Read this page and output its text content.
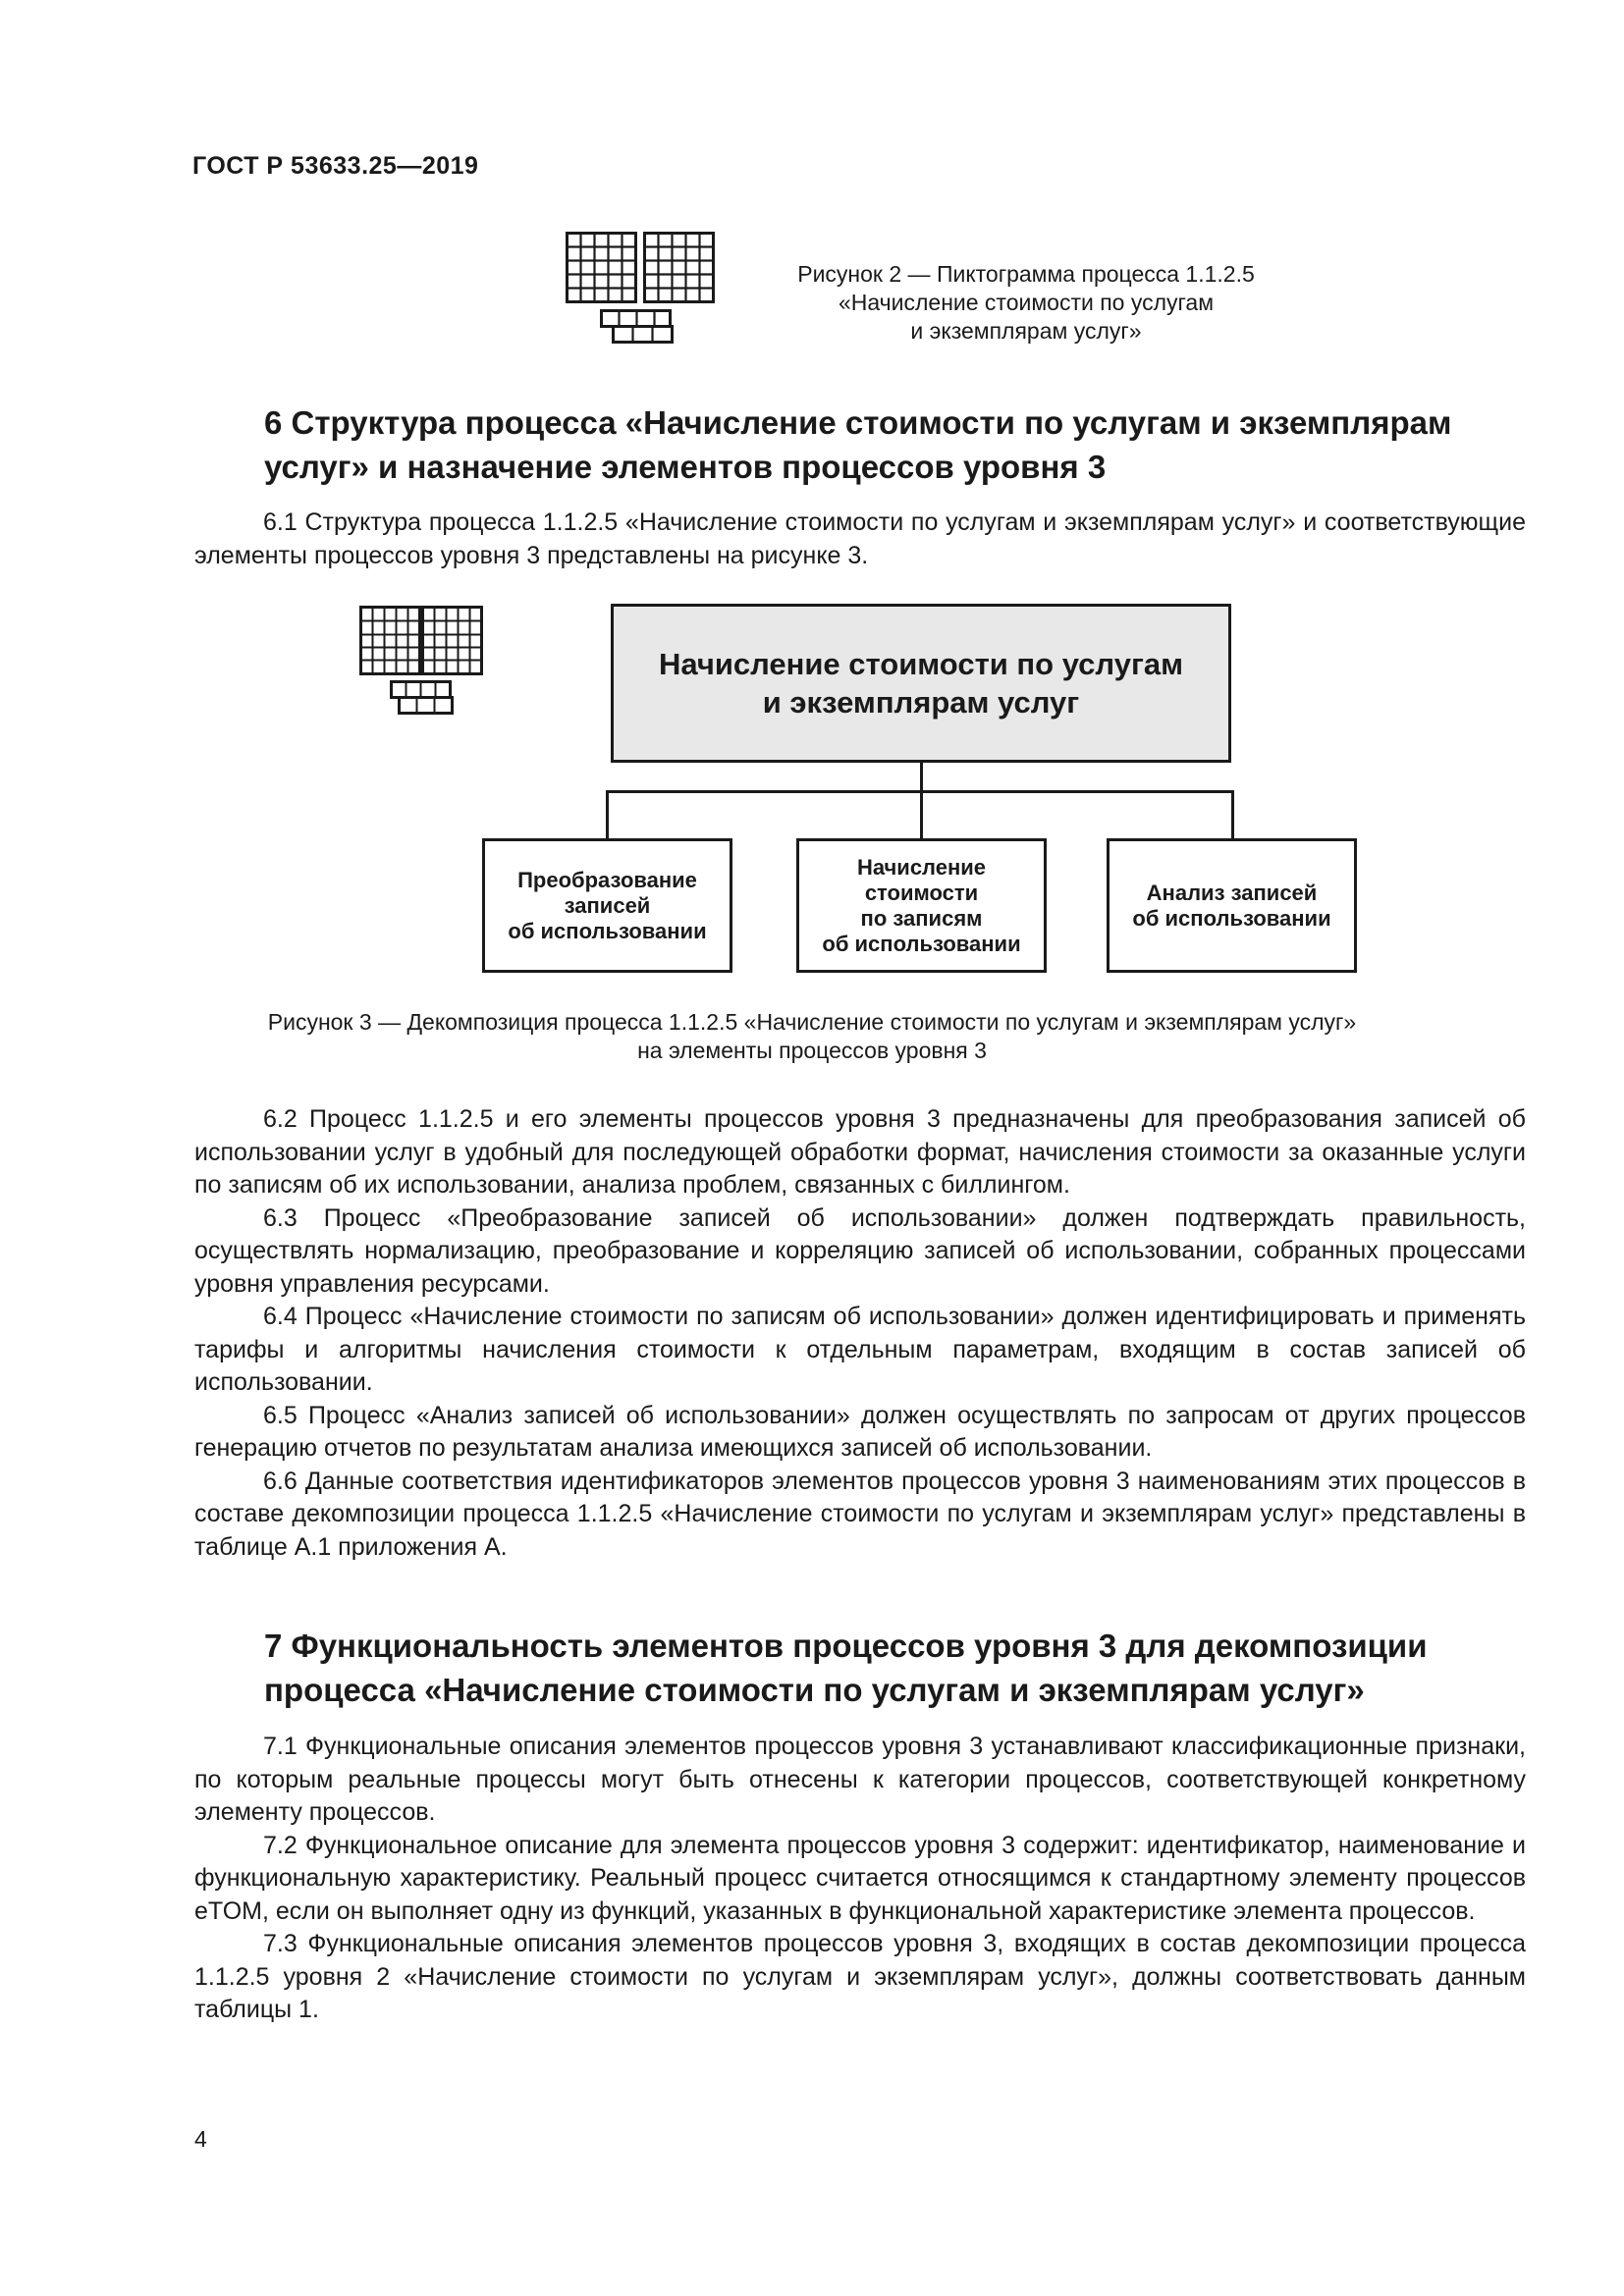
ГОСТ Р 53633.25—2019
Рисунок 2 — Пиктограмма процесса 1.1.2.5
«Начисление стоимости по услугам
и экземплярам услуг»
6 Структура процесса «Начисление стоимости по услугам и экземплярам
услуг» и назначение элементов процессов уровня 3

6.1 Структура процесса 1.1.2.5 «Начисление стоимости по услугам и экземплярам услуг» и соответствующие элементы процессов уровня 3 представлены на рисунке 3.

Начисление стоимости по услугам
и экземплярам услуг
Преобразование
записей
об использовании
Начисление
стоимости
по записям
об использовании
Анализ записей
об использовании
Рисунок 3 — Декомпозиция процесса 1.1.2.5 «Начисление стоимости по услугам и экземплярам услуг»
на элементы процессов уровня 3

6.2 Процесс 1.1.2.5 и его элементы процессов уровня 3 предназначены для преобразования записей об использовании услуг в удобный для последующей обработки формат, начисления стоимости за оказанные услуги по записям об их использовании, анализа проблем, связанных с биллингом.

6.3 Процесс «Преобразование записей об использовании» должен подтверждать правильность, осуществлять нормализацию, преобразование и корреляцию записей об использовании, собранных процессами уровня управления ресурсами.

6.4 Процесс «Начисление стоимости по записям об использовании» должен идентифицировать и применять тарифы и алгоритмы начисления стоимости к отдельным параметрам, входящим в состав записей об использовании.

6.5 Процесс «Анализ записей об использовании» должен осуществлять по запросам от других процессов генерацию отчетов по результатам анализа имеющихся записей об использовании.

6.6 Данные соответствия идентификаторов элементов процессов уровня 3 наименованиям этих процессов в составе декомпозиции процесса 1.1.2.5 «Начисление стоимости по услугам и экземплярам услуг» представлены в таблице А.1 приложения А.

7 Функциональность элементов процессов уровня 3 для декомпозиции
процесса «Начисление стоимости по услугам и экземплярам услуг»

7.1 Функциональные описания элементов процессов уровня 3 устанавливают классификационные признаки, по которым реальные процессы могут быть отнесены к категории процессов, соответствующей конкретному элементу процессов.

7.2 Функциональное описание для элемента процессов уровня 3 содержит: идентификатор, наименование и функциональную характеристику. Реальный процесс считается относящимся к стандартному элементу процессов eTOM, если он выполняет одну из функций, указанных в функциональной характеристике элемента процессов.

7.3 Функциональные описания элементов процессов уровня 3, входящих в состав декомпозиции процесса 1.1.2.5 уровня 2 «Начисление стоимости по услугам и экземплярам услуг», должны соответствовать данным таблицы 1.

4
